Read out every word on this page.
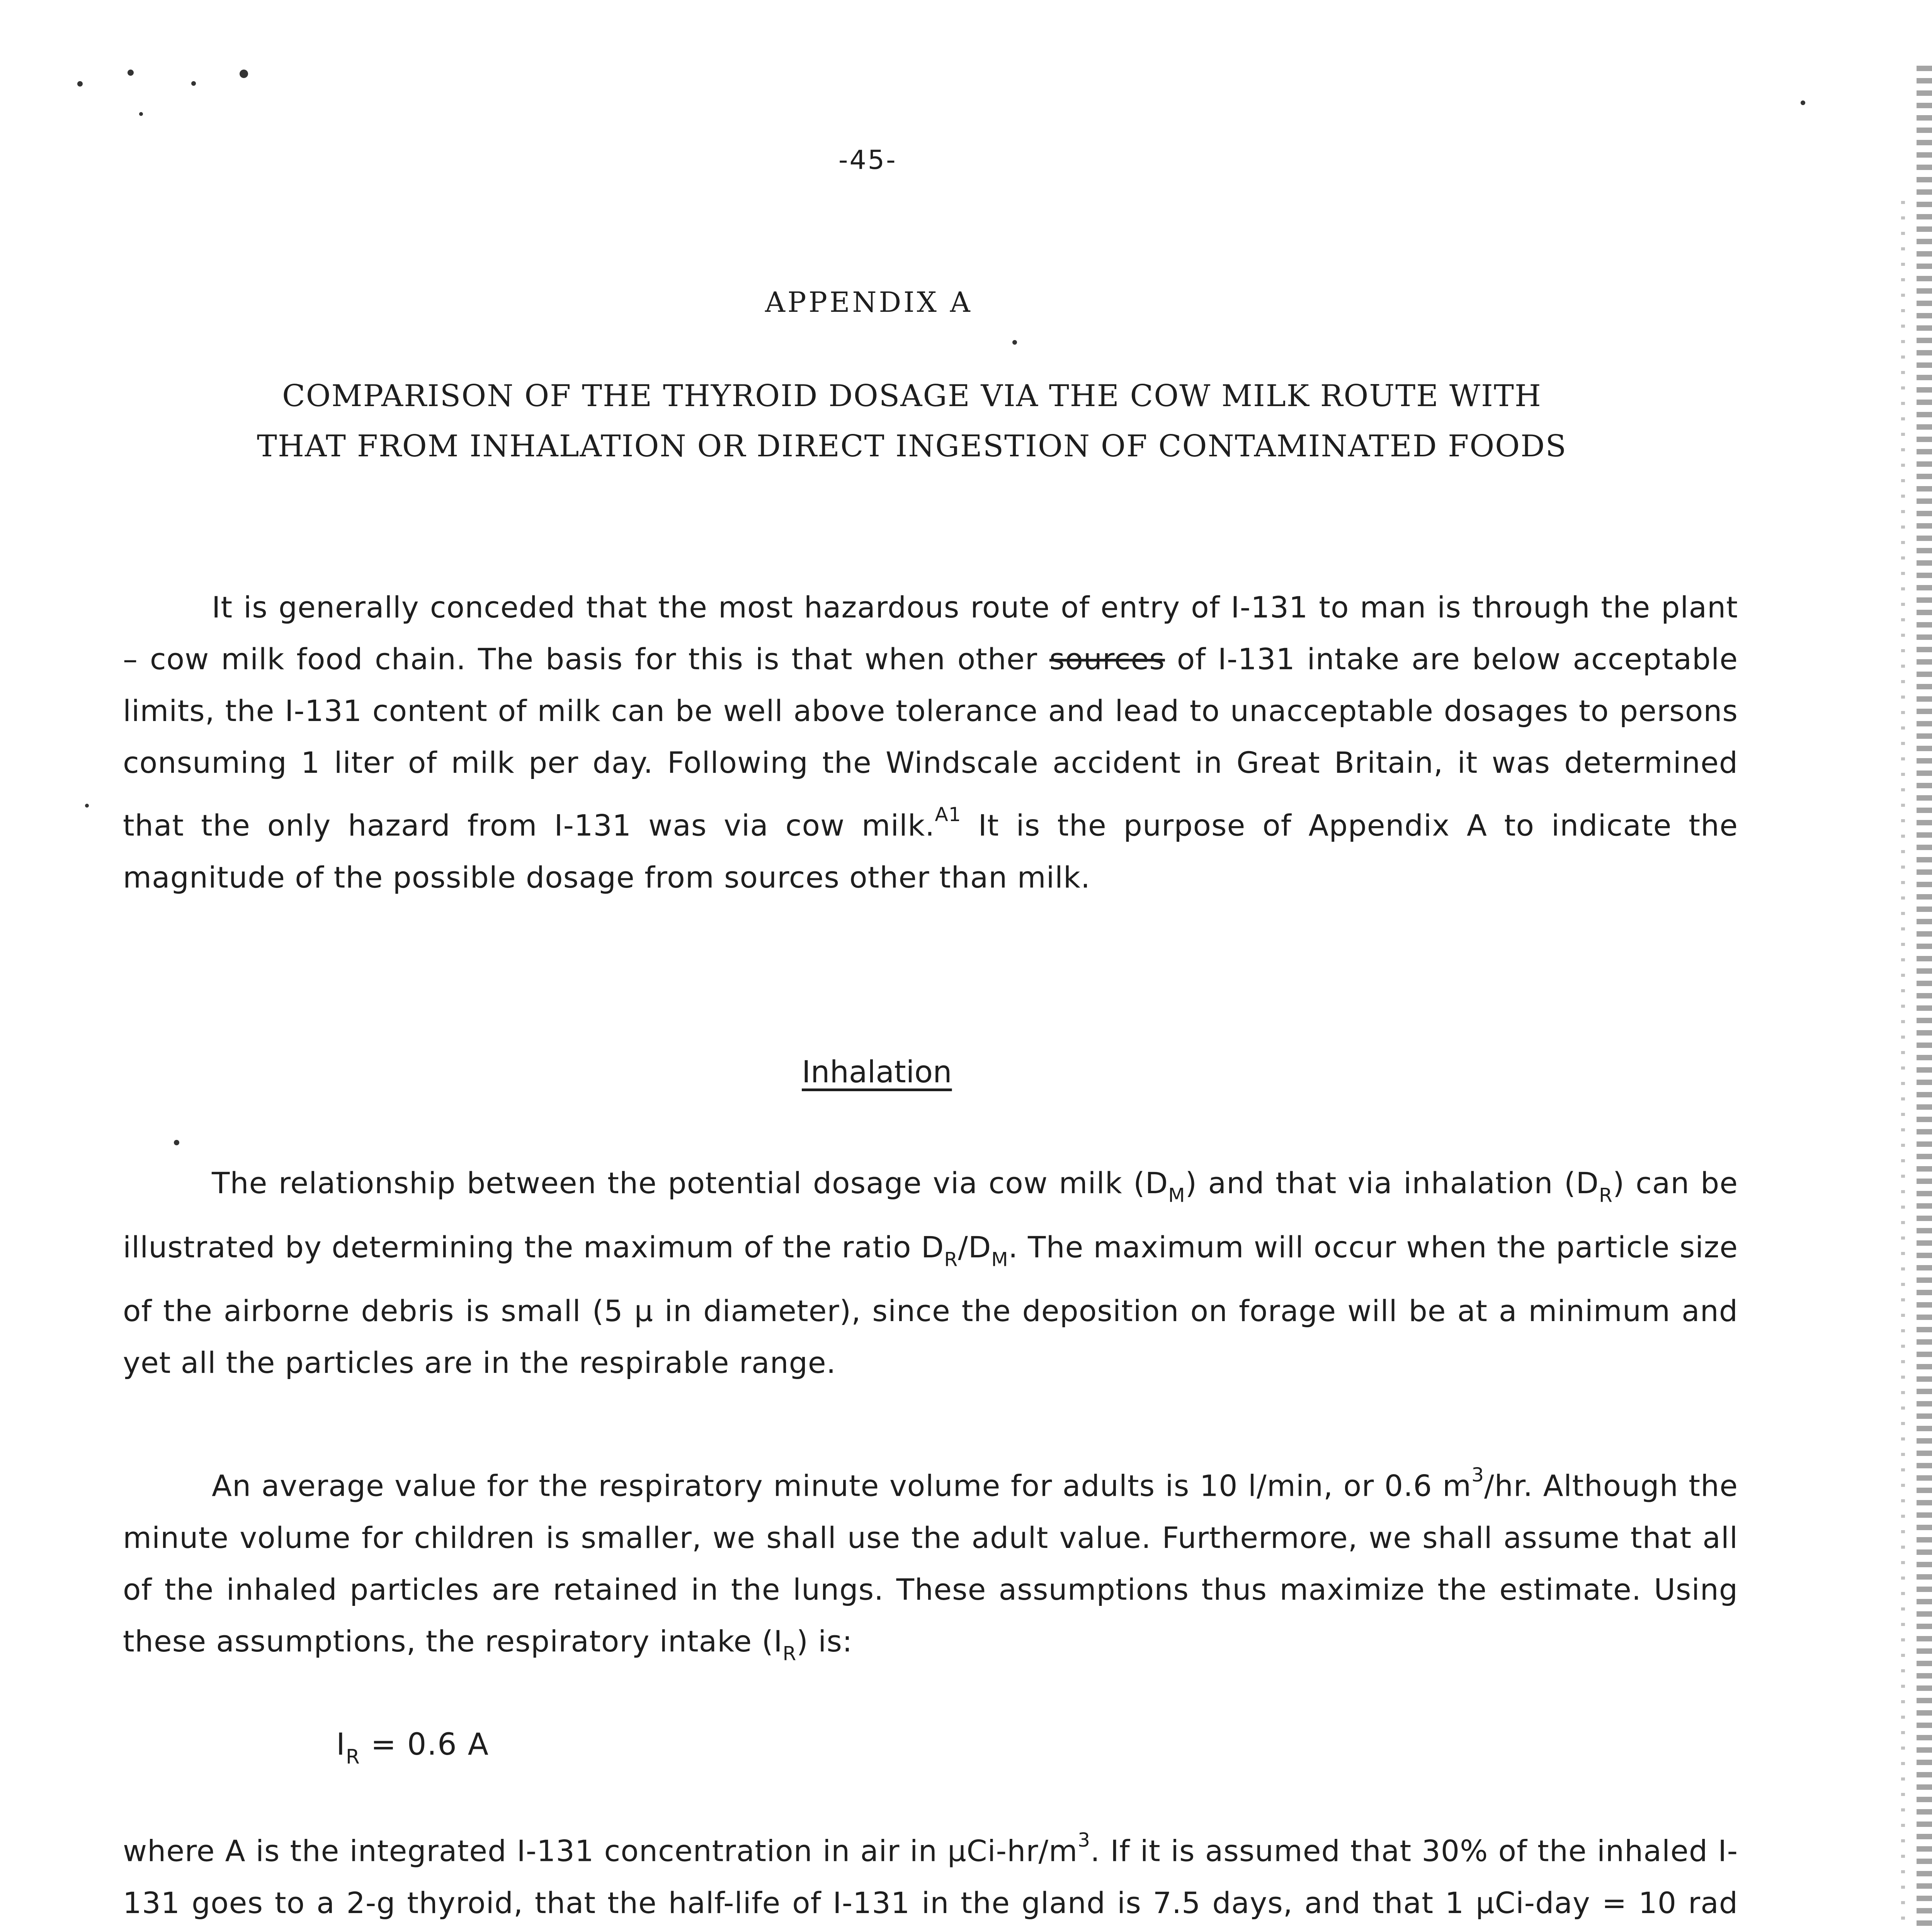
-45-
APPENDIX A
COMPARISON OF THE THYROID DOSAGE VIA THE COW MILK ROUTE WITH
THAT FROM INHALATION OR DIRECT INGESTION OF CONTAMINATED FOODS

It is generally conceded that the most hazardous route of entry of I-131 to man is through the plant – cow milk food chain. The basis for this is that when other sources of I-131 intake are below acceptable limits, the I-131 content of milk can be well above tolerance and lead to unacceptable dosages to persons consuming 1 liter of milk per day. Following the Windscale accident in Great Britain, it was determined that the only hazard from I-131 was via cow milk.$^{A1}$ It is the purpose of Appendix A to indicate the magnitude of the possible dosage from sources other than milk.

Inhalation

The relationship between the potential dosage via cow milk $(D_M)$ and that via inhalation $(D_R)$ can be illustrated by determining the maximum of the ratio $D_R/D_M$. The maximum will occur when the particle size of the airborne debris is small (5 μ in diameter), since the deposition on forage will be at a minimum and yet all the particles are in the respirable range.

An average value for the respiratory minute volume for adults is 10 l/min, or 0.6 $m^3/hr$. Although the minute volume for children is smaller, we shall use the adult value. Furthermore, we shall assume that all of the inhaled particles are retained in the lungs. These assumptions thus maximize the estimate. Using these assumptions, the respiratory intake $(I_R)$ is:

$I_R = 0.6$ A

where A is the integrated I-131 concentration in air in μCi-$hr/m^3$. If it is assumed that 30% of the inhaled I-131 goes to a 2-g thyroid, that the half-life of I-131 in the gland is 7.5 days, and that 1 μCi-day = 10 rad
